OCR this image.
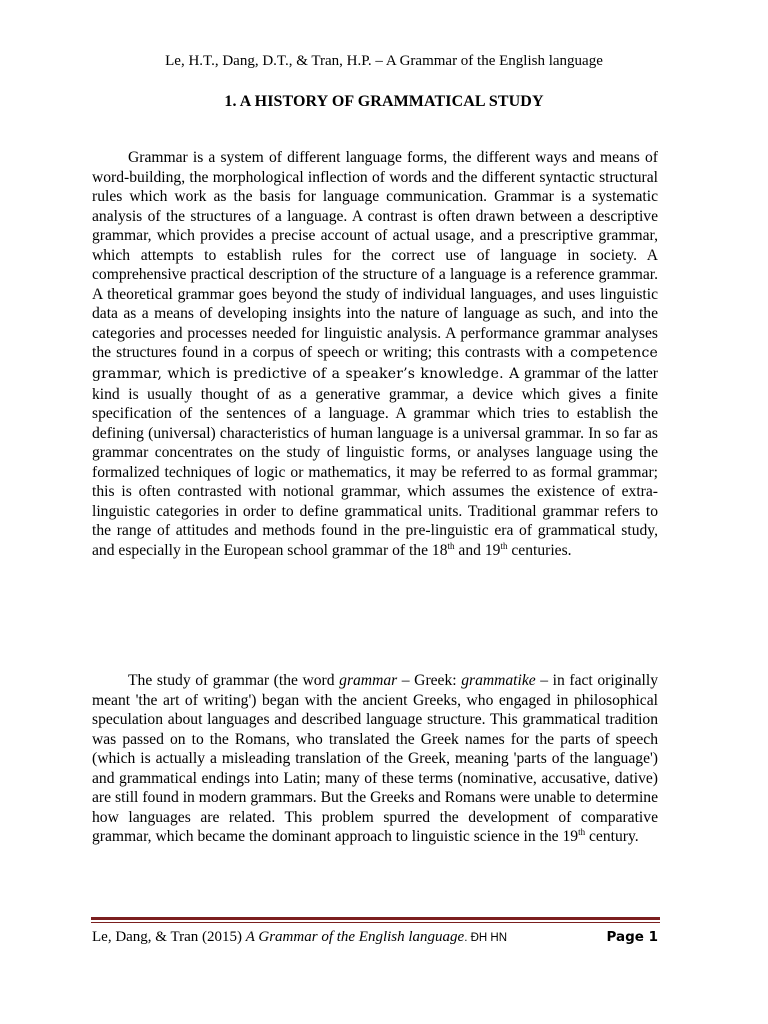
Le, H.T., Dang, D.T., & Tran, H.P. – A Grammar of the English language
1. A HISTORY OF GRAMMATICAL STUDY

Grammar is a system of different language forms, the different ways and means of word-building, the morphological inflection of words and the different syntactic structural rules which work as the basis for language communication. Grammar is a systematic analysis of the structures of a language. A contrast is often drawn between a descriptive grammar, which provides a precise account of actual usage, and a prescriptive grammar, which attempts to establish rules for the correct use of language in society. A comprehensive practical description of the structure of a language is a reference grammar. A theoretical grammar goes beyond the study of individual languages, and uses linguistic data as a means of developing insights into the nature of language as such, and into the categories and processes needed for linguistic analysis. A performance grammar analyses the structures found in a corpus of speech or writing; this contrasts with a competence grammar, which is predictive of a speaker’s knowledge. A grammar of the latter kind is usually thought of as a generative grammar, a device which gives a finite specification of the sentences of a language. A grammar which tries to establish the defining (universal) characteristics of human language is a universal grammar. In so far as grammar concentrates on the study of linguistic forms, or analyses language using the formalized techniques of logic or mathematics, it may be referred to as formal grammar; this is often contrasted with notional grammar, which assumes the existence of extra-linguistic categories in order to define grammatical units. Traditional grammar refers to the range of attitudes and methods found in the pre-linguistic era of grammatical study, and especially in the European school grammar of the 18th and 19th centuries.

The study of grammar (the word grammar – Greek: grammatike – in fact originally meant 'the art of writing') began with the ancient Greeks, who engaged in philosophical speculation about languages and described language structure. This grammatical tradition was passed on to the Romans, who translated the Greek names for the parts of speech (which is actually a misleading translation of the Greek, meaning 'parts of the language') and grammatical endings into Latin; many of these terms (nominative, accusative, dative) are still found in modern grammars. But the Greeks and Romans were unable to determine how languages are related. This problem spurred the development of comparative grammar, which became the dominant approach to linguistic science in the 19th century.

Le, Dang, & Tran (2015) A Grammar of the English language. ĐH HN	Page 1
